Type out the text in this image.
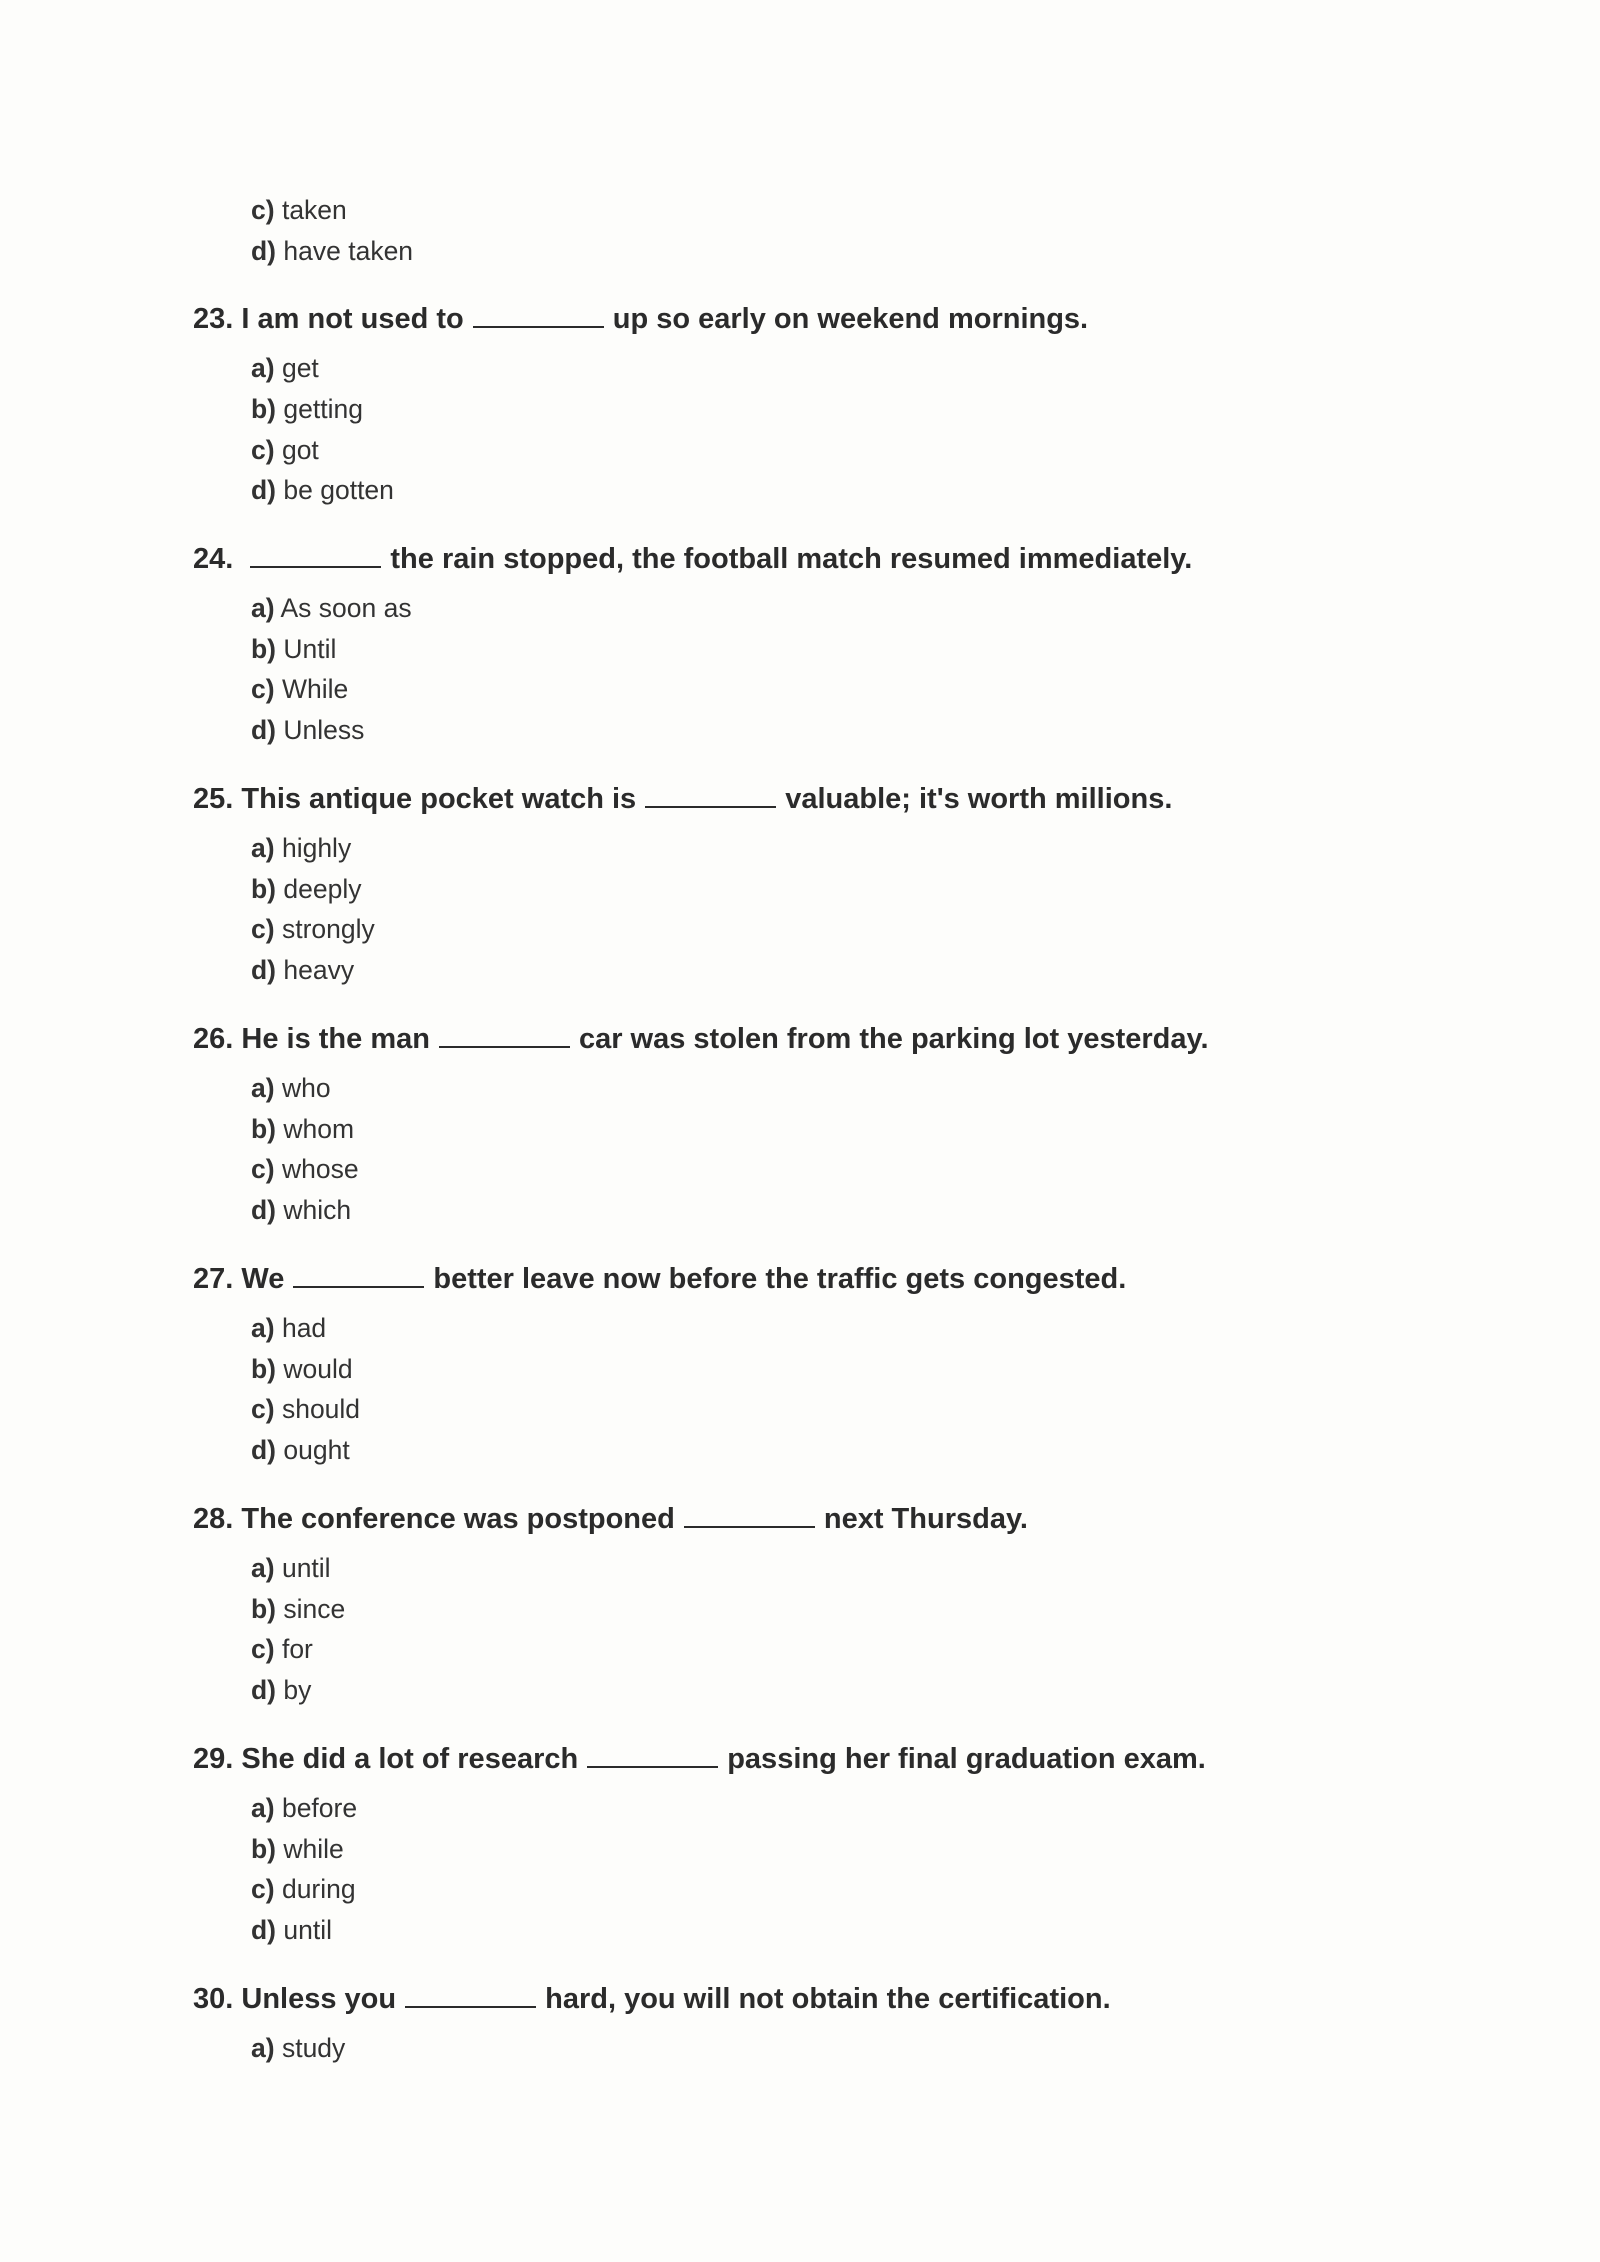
c) taken
d) have taken
23. I am not used to	up so early on weekend mornings.
a) get
b) getting
c) got
d) be gotten
24.	the rain stopped, the football match resumed immediately.
a) As soon as
b) Until
c) While
d) Unless
25. This antique pocket watch is	valuable; it's worth millions.
a) highly
b) deeply
c) strongly
d) heavy
26. He is the man	car was stolen from the parking lot yesterday.
a) who
b) whom
c) whose
d) which
27. We	better leave now before the traffic gets congested.
a) had
b) would
c) should
d) ought
28. The conference was postponed	next Thursday.
a) until
b) since
c) for
d) by
29. She did a lot of research	passing her final graduation exam.
a) before
b) while
c) during
d) until
30. Unless you	hard, you will not obtain the certification.
a) study
